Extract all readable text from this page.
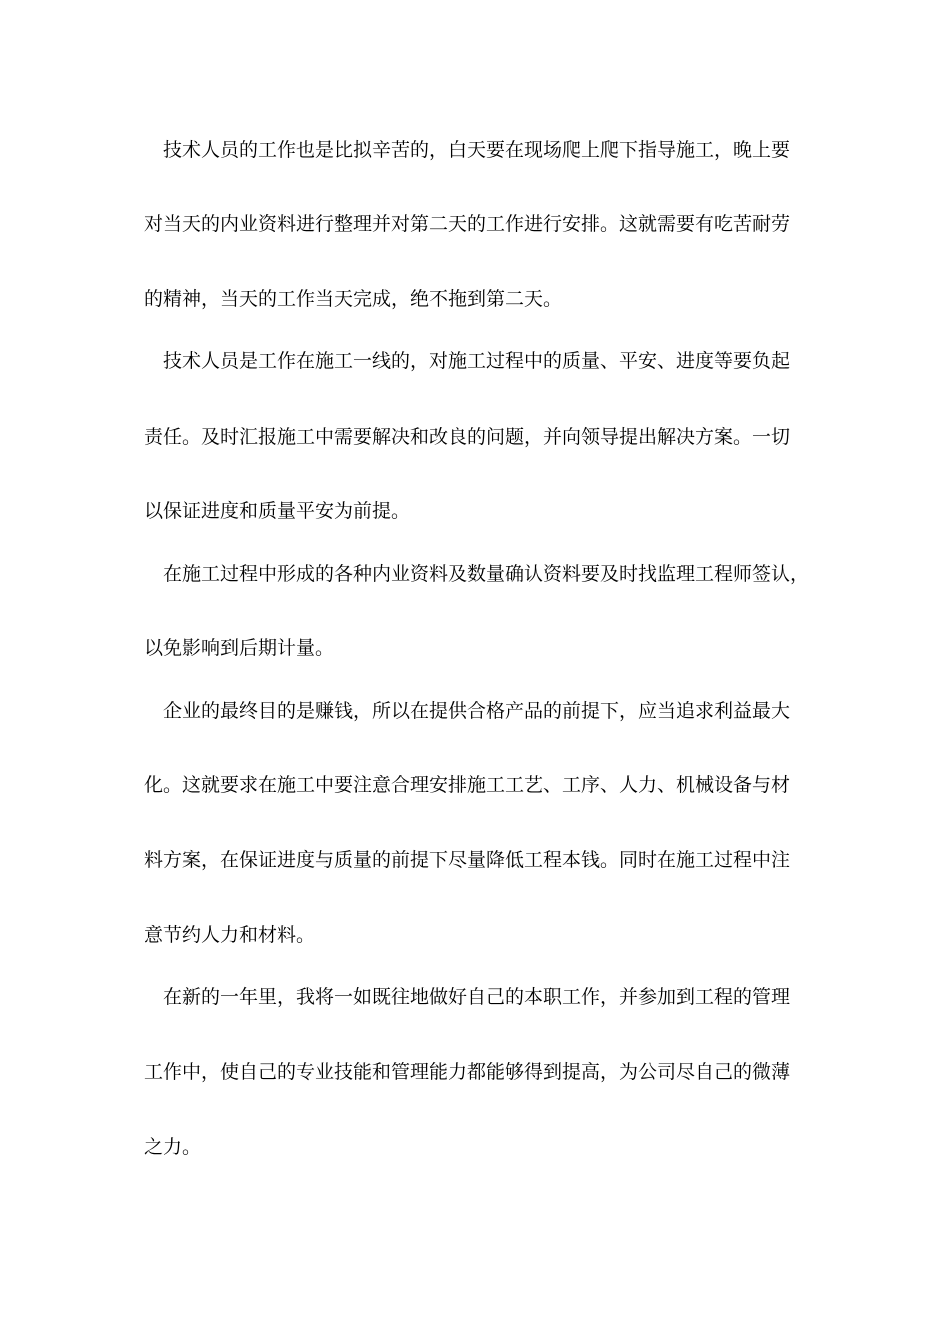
技术人员的工作也是比拟辛苦的，白天要在现场爬上爬下指导施工，晚上要
对当天的内业资料进行整理并对第二天的工作进行安排。这就需要有吃苦耐劳
的精神，当天的工作当天完成，绝不拖到第二天。
技术人员是工作在施工一线的，对施工过程中的质量、平安、进度等要负起
责任。及时汇报施工中需要解决和改良的问题，并向领导提出解决方案。一切
以保证进度和质量平安为前提。
在施工过程中形成的各种内业资料及数量确认资料要及时找监理工程师签认，
以免影响到后期计量。
企业的最终目的是赚钱，所以在提供合格产品的前提下，应当追求利益最大
化。这就要求在施工中要注意合理安排施工工艺、工序、人力、机械设备与材
料方案，在保证进度与质量的前提下尽量降低工程本钱。同时在施工过程中注
意节约人力和材料。
在新的一年里，我将一如既往地做好自己的本职工作，并参加到工程的管理
工作中，使自己的专业技能和管理能力都能够得到提高，为公司尽自己的微薄
之力。
